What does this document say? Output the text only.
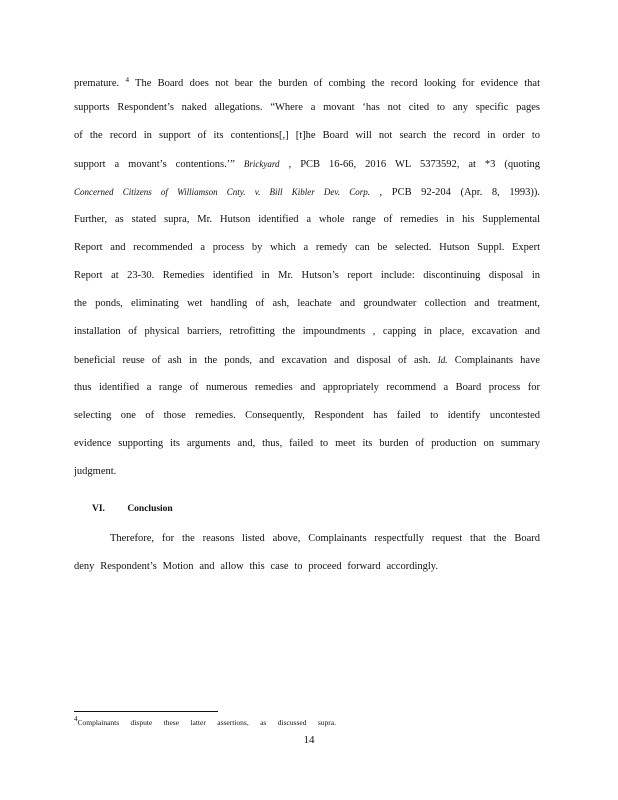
premature. $^4$ The Board does not bear the burden of combing the record looking for evidence that
supports Respondent’s naked allegations. “Where a movant ‘has not cited to any specific pages
of the record in support of its contentions[,] [t]he Board will not search the record in order to
support a movant’s contentions.’” Brickyard , PCB 16-66, 2016 WL 5373592, at *3 (quoting
Concerned Citizens of Williamson Cnty. v. Bill Kibler Dev. Corp. , PCB 92-204 (Apr. 8, 1993)).
Further, as stated supra, Mr. Hutson identified a whole range of remedies in his Supplemental
Report and recommended a process by which a remedy can be selected. Hutson Suppl. Expert
Report at 23-30. Remedies identified in Mr. Hutson’s report include: discontinuing disposal in
the ponds, eliminating wet handling of ash, leachate and groundwater collection and treatment,
installation of physical barriers, retrofitting the impoundments , capping in place, excavation and
beneficial reuse of ash in the ponds, and excavation and disposal of ash. Id. Complainants have
thus identified a range of numerous remedies and appropriately recommend a Board process for
selecting one of those remedies. Consequently, Respondent has failed to identify uncontested
evidence supporting its arguments and, thus, failed to meet its burden of production on summary
judgment.
VI. Conclusion
Therefore, for the reasons listed above, Complainants respectfully request that the Board
deny Respondent’s Motion and allow this case to proceed forward accordingly.
4Complainants dispute these latter assertions, as discussed supra.
14
